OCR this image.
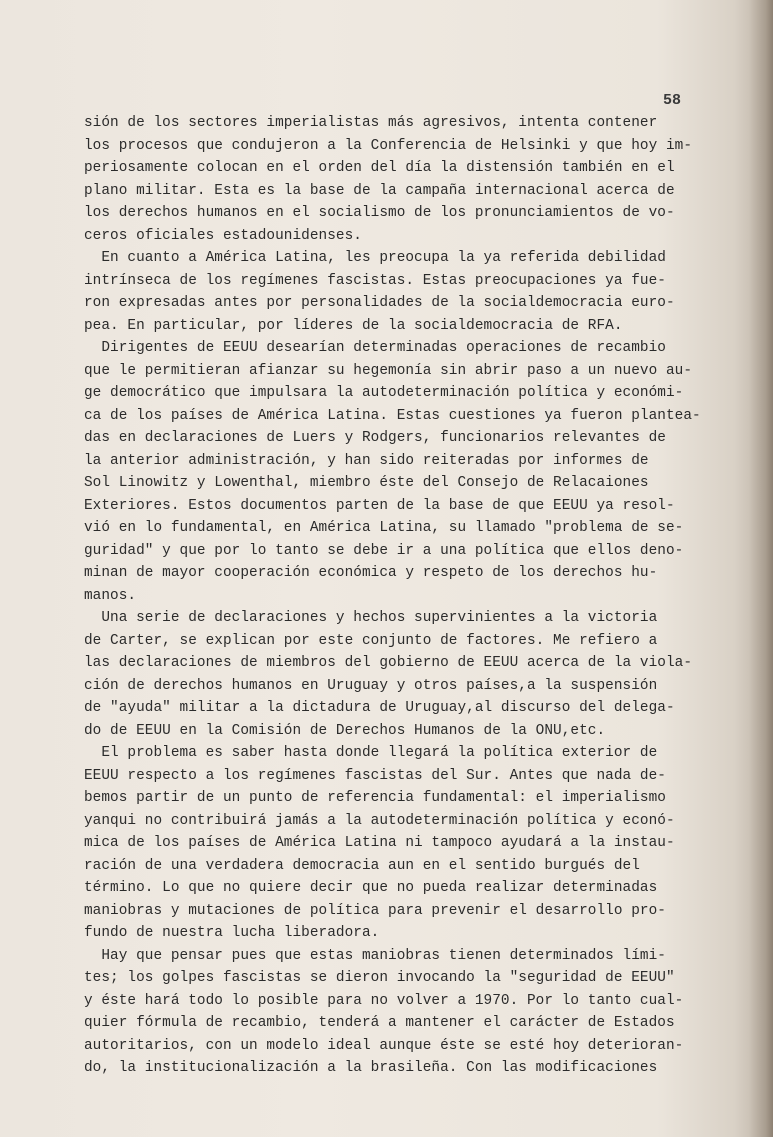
58
sión de los sectores imperialistas más agresivos, intenta contener
los procesos que condujeron a la Conferencia de Helsinki y que hoy im-
periosamente colocan en el orden del día la distensión también en el
plano militar. Esta es la base de la campaña internacional acerca de
los derechos humanos en el socialismo de los pronunciamientos de vo-
ceros oficiales estadounidenses.
En cuanto a América Latina, les preocupa la ya referida debilidad
intrínseca de los regímenes fascistas. Estas preocupaciones ya fue-
ron expresadas antes por personalidades de la socialdemocracia euro-
pea. En particular, por líderes de la socialdemocracia de RFA.
Dirigentes de EEUU desearían determinadas operaciones de recambio
que le permitieran afianzar su hegemonía sin abrir paso a un nuevo au-
ge democrático que impulsara la autodeterminación política y económi-
ca de los países de América Latina. Estas cuestiones ya fueron plantea-
das en declaraciones de Luers y Rodgers, funcionarios relevantes de
la anterior administración, y han sido reiteradas por informes de
Sol Linowitz y Lowenthal, miembro éste del Consejo de Relacaiones
Exteriores. Estos documentos parten de la base de que EEUU ya resol-
vió en lo fundamental, en América Latina, su llamado "problema de se-
guridad" y que por lo tanto se debe ir a una política que ellos deno-
minan de mayor cooperación económica y respeto de los derechos hu-
manos.
Una serie de declaraciones y hechos supervinientes a la victoria
de Carter, se explican por este conjunto de factores. Me refiero a
las declaraciones de miembros del gobierno de EEUU acerca de la viola-
ción de derechos humanos en Uruguay y otros países,a la suspensión
de "ayuda" militar a la dictadura de Uruguay,al discurso del delega-
do de EEUU en la Comisión de Derechos Humanos de la ONU,etc.
El problema es saber hasta donde llegará la política exterior de
EEUU respecto a los regímenes fascistas del Sur. Antes que nada de-
bemos partir de un punto de referencia fundamental: el imperialismo
yanqui no contribuirá jamás a la autodeterminación política y econó-
mica de los países de América Latina ni tampoco ayudará a la instau-
ración de una verdadera democracia aun en el sentido burgués del
término. Lo que no quiere decir que no pueda realizar determinadas
maniobras y mutaciones de política para prevenir el desarrollo pro-
fundo de nuestra lucha liberadora.
Hay que pensar pues que estas maniobras tienen determinados lími-
tes; los golpes fascistas se dieron invocando la "seguridad de EEUU"
y éste hará todo lo posible para no volver a 1970. Por lo tanto cual-
quier fórmula de recambio, tenderá a mantener el carácter de Estados
autoritarios, con un modelo ideal aunque éste se esté hoy deterioran-
do, la institucionalización a la brasileña. Con las modificaciones
